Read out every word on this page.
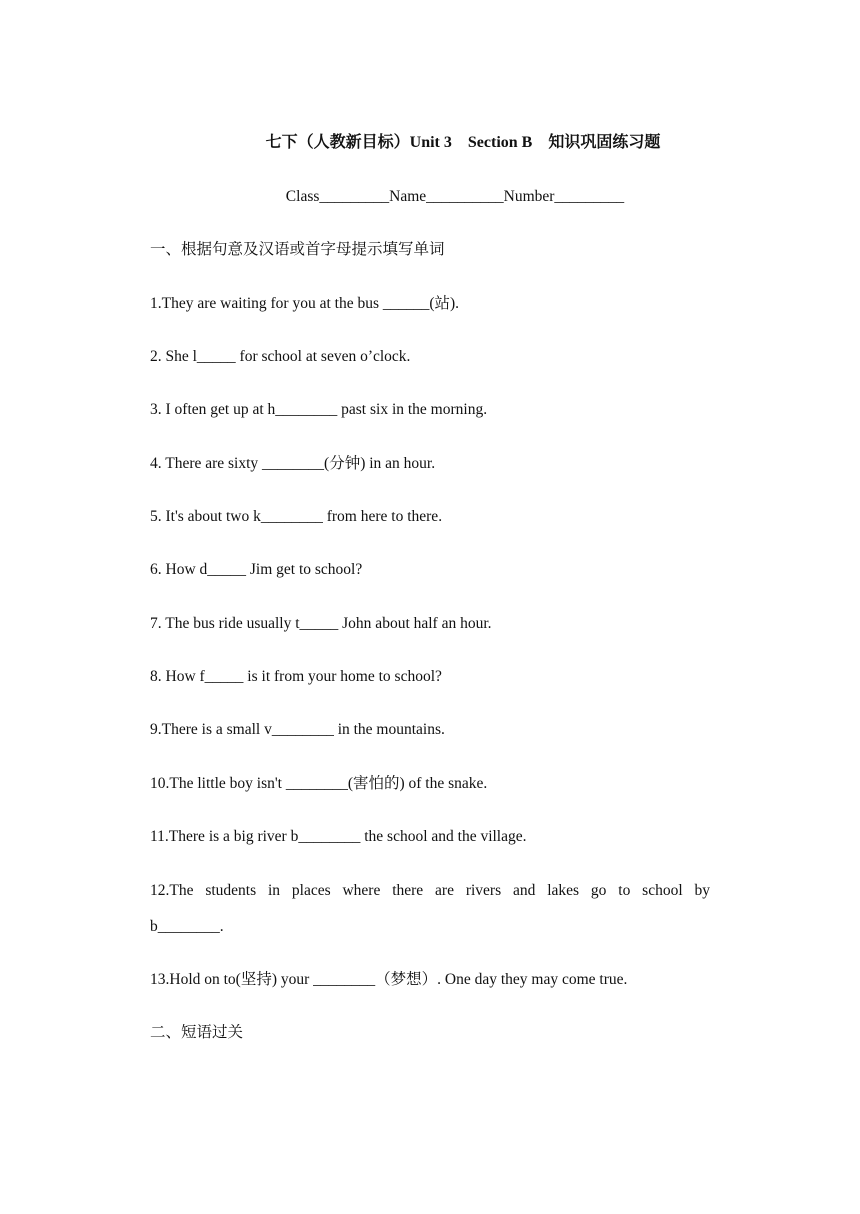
七下（人教新目标）Unit 3　Section B　知识巩固练习题
Class_________Name__________Number_________
一、根据句意及汉语或首字母提示填写单词
1.They are waiting for you at the bus ______(站).
2. She l_____ for school at seven o’clock.
3. I often get up at h________ past six in the morning.
4. There are sixty ________(分钟) in an hour.
5. It's about two k________ from here to there.
6. How d_____ Jim get to school?
7. The bus ride usually t_____ John about half an hour.
8. How f_____ is it from your home to school?
9.There is a small v________ in the mountains.
10.The little boy isn't ________(害怕的) of the snake.
11.There is a big river b________ the school and the village.
12.The students in places where there are rivers and lakes go to school by
b________.
13.Hold on to(坚持) your ________（梦想）. One day they may come true.
二、短语过关
